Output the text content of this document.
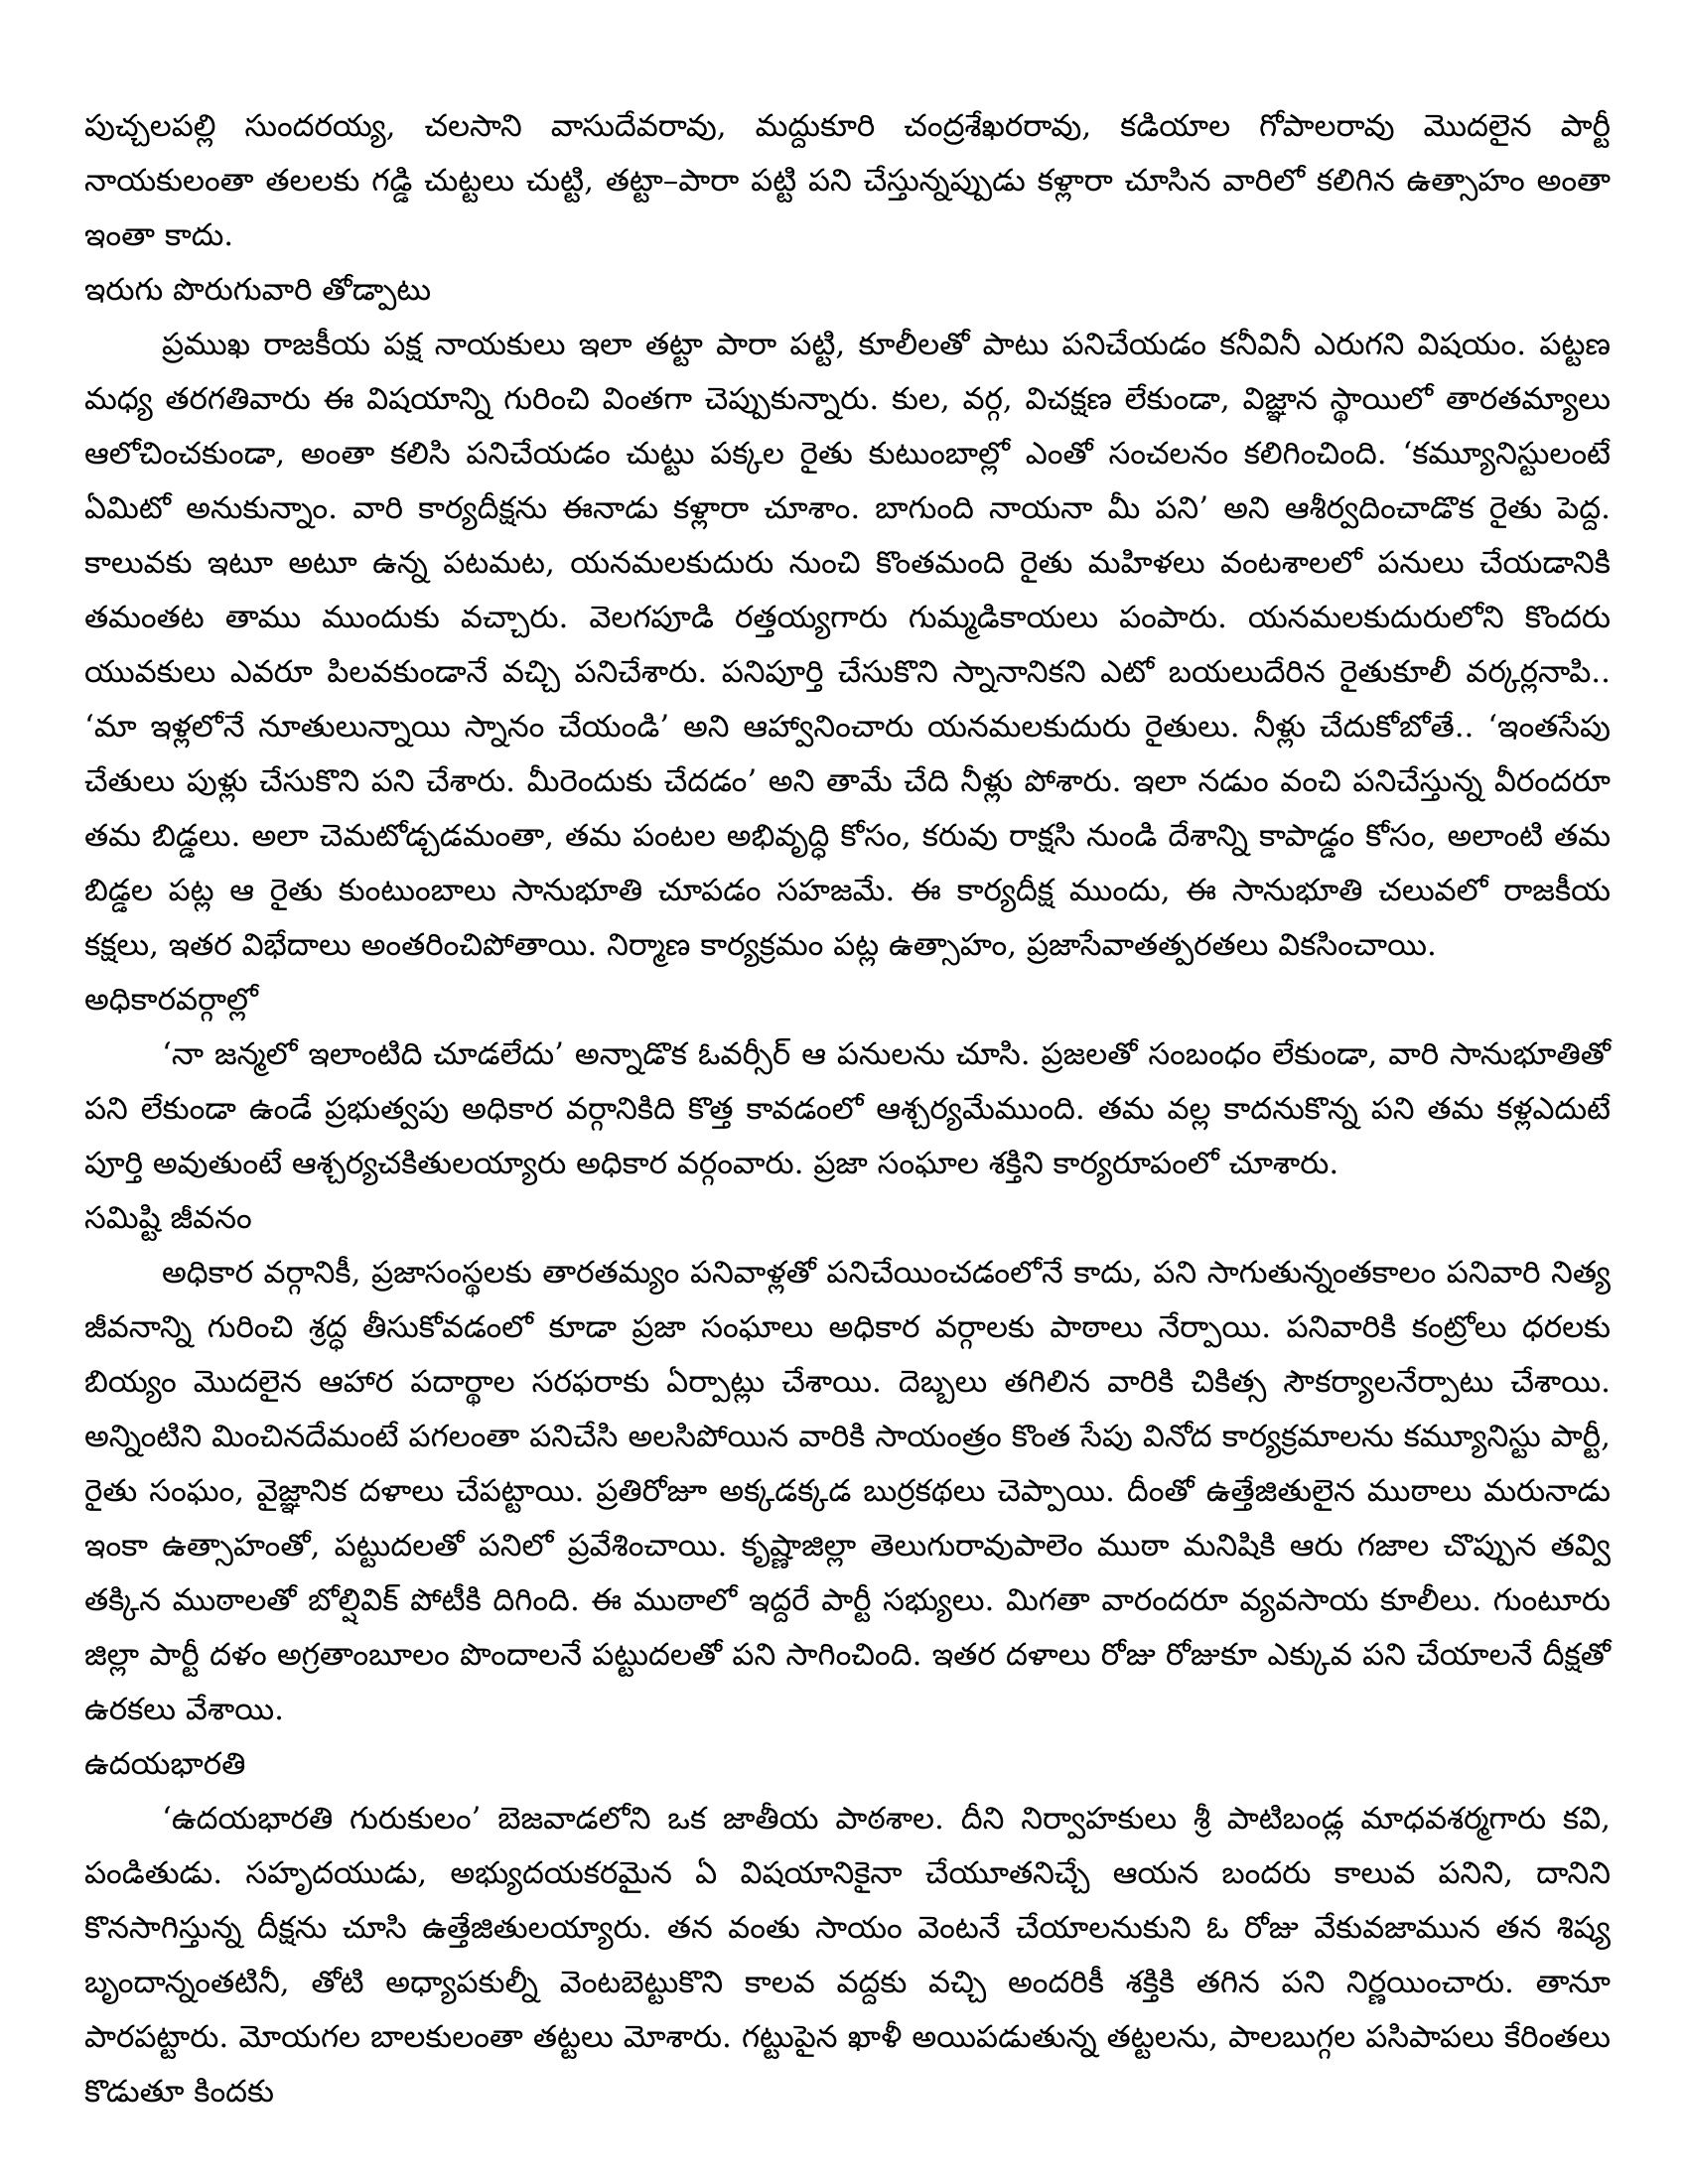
పుచ్చలపల్లి సుందరయ్య, చలసాని వాసుదేవరావు, మద్దుకూరి చంద్రశేఖరరావు, కడియాల గోపాలరావు మొదలైన పార్టీ నాయకులంతా తలలకు గడ్డి చుట్టలు చుట్టి, తట్టా–పారా పట్టి పని చేస్తున్నప్పుడు కళ్లారా చూసిన వారిలో కలిగిన ఉత్సాహం అంతా ఇంతా కాదు.

ఇరుగు పొరుగువారి తోడ్పాటు

ప్రముఖ రాజకీయ పక్ష నాయకులు ఇలా తట్టా పారా పట్టి, కూలీలతో పాటు పనిచేయడం కనీవినీ ఎరుగని విషయం. పట్టణ మధ్య తరగతివారు ఈ విషయాన్ని గురించి వింతగా చెప్పుకున్నారు. కుల, వర్గ, విచక్షణ లేకుండా, విజ్ఞాన స్థాయిలో తారతమ్యాలు ఆలోచించకుండా, అంతా కలిసి పనిచేయడం చుట్టు పక్కల రైతు కుటుంబాల్లో ఎంతో సంచలనం కలిగించింది. ‘కమ్యూనిస్టులంటే ఏమిటో అనుకున్నాం. వారి కార్యదీక్షను ఈనాడు కళ్లారా చూశాం. బాగుంది నాయనా మీ పని’ అని ఆశీర్వదించాడొక రైతు పెద్ద. కాలువకు ఇటూ అటూ ఉన్న పటమట, యనమలకుదురు నుంచి కొంతమంది రైతు మహిళలు వంటశాలలో పనులు చేయడానికి తమంతట తాము ముందుకు వచ్చారు. వెలగపూడి రత్తయ్యగారు గుమ్మడికాయలు పంపారు. యనమలకుదురులోని కొందరు యువకులు ఎవరూ పిలవకుండానే వచ్చి పనిచేశారు. పనిపూర్తి చేసుకొని స్నానానికని ఎటో బయలుదేరిన రైతుకూలీ వర్కర్లనాపి.. ‘మా ఇళ్లలోనే నూతులున్నాయి స్నానం చేయండి’ అని ఆహ్వానించారు యనమలకుదురు రైతులు. నీళ్లు చేదుకోబోతే.. ‘ఇంతసేపు చేతులు పుళ్లు చేసుకొని పని చేశారు. మీరెందుకు చేదడం’ అని తామే చేది నీళ్లు పోశారు. ఇలా నడుం వంచి పనిచేస్తున్న వీరందరూ తమ బిడ్డలు. అలా చెమటోడ్చడమంతా, తమ పంటల అభివృద్ధి కోసం, కరువు రాక్షసి నుండి దేశాన్ని కాపాడ్డం కోసం, అలాంటి తమ బిడ్డల పట్ల ఆ రైతు కుంటుంబాలు సానుభూతి చూపడం సహజమే. ఈ కార్యదీక్ష ముందు, ఈ సానుభూతి చలువలో రాజకీయ కక్షలు, ఇతర విభేదాలు అంతరించిపోతాయి. నిర్మాణ కార్యక్రమం పట్ల ఉత్సాహం, ప్రజాసేవాతత్పరతలు వికసించాయి.

అధికారవర్గాల్లో

‘నా జన్మలో ఇలాంటిది చూడలేదు’ అన్నాడొక ఓవర్సీర్ ఆ పనులను చూసి. ప్రజలతో సంబంధం లేకుండా, వారి సానుభూతితో పని లేకుండా ఉండే ప్రభుత్వపు అధికార వర్గానికిది కొత్త కావడంలో ఆశ్చర్యమేముంది. తమ వల్ల కాదనుకొన్న పని తమ కళ్లఎదుటే పూర్తి అవుతుంటే ఆశ్చర్యచకితులయ్యారు అధికార వర్గంవారు. ప్రజా సంఘాల శక్తిని కార్యరూపంలో చూశారు.

సమిష్టి జీవనం

అధికార వర్గానికీ, ప్రజాసంస్థలకు తారతమ్యం పనివాళ్లతో పనిచేయించడంలోనే కాదు, పని సాగుతున్నంతకాలం పనివారి నిత్య జీవనాన్ని గురించి శ్రద్ధ తీసుకోవడంలో కూడా ప్రజా సంఘాలు అధికార వర్గాలకు పాఠాలు నేర్పాయి. పనివారికి కంట్రోలు ధరలకు బియ్యం మొదలైన ఆహార పదార్థాల సరఫరాకు ఏర్పాట్లు చేశాయి. దెబ్బలు తగిలిన వారికి చికిత్స సౌకర్యాలనేర్పాటు చేశాయి. అన్నింటిని మించినదేమంటే పగలంతా పనిచేసి అలసిపోయిన వారికి సాయంత్రం కొంత సేపు వినోద కార్యక్రమాలను కమ్యూనిస్టు పార్టీ, రైతు సంఘం, వైజ్ఞానిక దళాలు చేపట్టాయి. ప్రతిరోజూ అక్కడక్కడ బుర్రకథలు చెప్పాయి. దీంతో ఉత్తేజితులైన ముఠాలు మరునాడు ఇంకా ఉత్సాహంతో, పట్టుదలతో పనిలో ప్రవేశించాయి. కృష్ణాజిల్లా తెలుగురావుపాలెం ముఠా మనిషికి ఆరు గజాల చొప్పున తవ్వి తక్కిన ముఠాలతో బోల్షివిక్ పోటీకి దిగింది. ఈ ముఠాలో ఇద్దరే పార్టీ సభ్యులు. మిగతా వారందరూ వ్యవసాయ కూలీలు. గుంటూరు జిల్లా పార్టీ దళం అగ్రతాంబూలం పొందాలనే పట్టుదలతో పని సాగించింది. ఇతర దళాలు రోజు రోజుకూ ఎక్కువ పని చేయాలనే దీక్షతో ఉరకలు వేశాయి.

ఉదయభారతి

‘ఉదయభారతి గురుకులం’ బెజవాడలోని ఒక జాతీయ పాఠశాల. దీని నిర్వాహకులు శ్రీ పాటిబండ్ల మాధవశర్మగారు కవి, పండితుడు. సహృదయుడు, అభ్యుదయకరమైన ఏ విషయానికైనా చేయూతనిచ్చే ఆయన బందరు కాలువ పనిని, దానిని కొనసాగిస్తున్న దీక్షను చూసి ఉత్తేజితులయ్యారు. తన వంతు సాయం వెంటనే చేయాలనుకుని ఓ రోజు వేకువజామున తన శిష్య బృందాన్నంతటినీ, తోటి అధ్యాపకుల్నీ వెంటబెట్టుకొని కాలవ వద్దకు వచ్చి అందరికీ శక్తికి తగిన పని నిర్ణయించారు. తానూ పారపట్టారు. మోయగల బాలకులంతా తట్టలు మోశారు. గట్టుపైన ఖాళీ అయిపడుతున్న తట్టలను, పాలబుగ్గల పసిపాపలు కేరింతలు కొడుతూ కిందకు
